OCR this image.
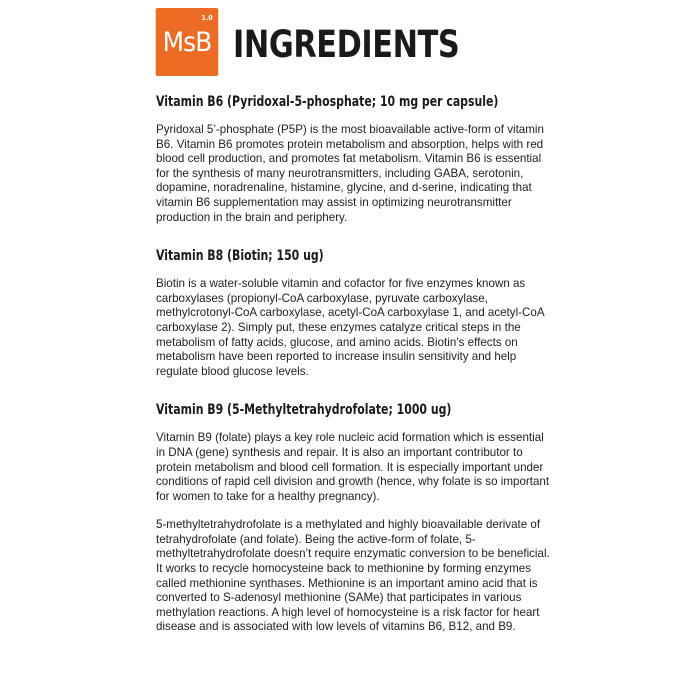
MsB
1.0
INGREDIENTS
Vitamin B6 (Pyridoxal-5-phosphate; 10 mg per capsule)

Pyridoxal 5’-phosphate (P5P) is the most bioavailable active-form of vitamin B6. Vitamin B6 promotes protein metabolism and absorption, helps with red blood cell production, and promotes fat metabolism. Vitamin B6 is essential for the synthesis of many neurotransmitters, including GABA, serotonin, dopamine, noradrenaline, histamine, glycine, and d-serine, indicating that vitamin B6 supplementation may assist in optimizing neurotransmitter production in the brain and periphery.

Vitamin B8 (Biotin; 150 ug)

Biotin is a water-soluble vitamin and cofactor for five enzymes known as carboxylases (propionyl-CoA carboxylase, pyruvate carboxylase, methylcrotonyl-CoA carboxylase, acetyl-CoA carboxylase 1, and acetyl-CoA carboxylase 2). Simply put, these enzymes catalyze critical steps in the metabolism of fatty acids, glucose, and amino acids. Biotin’s effects on metabolism have been reported to increase insulin sensitivity and help regulate blood glucose levels.

Vitamin B9 (5-Methyltetrahydrofolate; 1000 ug)

Vitamin B9 (folate) plays a key role nucleic acid formation which is essential in DNA (gene) synthesis and repair. It is also an important contributor to protein metabolism and blood cell formation. It is especially important under conditions of rapid cell division and growth (hence, why folate is so important for women to take for a healthy pregnancy).

5-methyltetrahydrofolate is a methylated and highly bioavailable derivate of tetrahydrofolate (and folate). Being the active-form of folate, 5-methyltetrahydrofolate doesn’t require enzymatic conversion to be beneficial. It works to recycle homocysteine back to methionine by forming enzymes called methionine synthases. Methionine is an important amino acid that is converted to S-adenosyl methionine (SAMe) that participates in various methylation reactions. A high level of homocysteine is a risk factor for heart disease and is associated with low levels of vitamins B6, B12, and B9.
